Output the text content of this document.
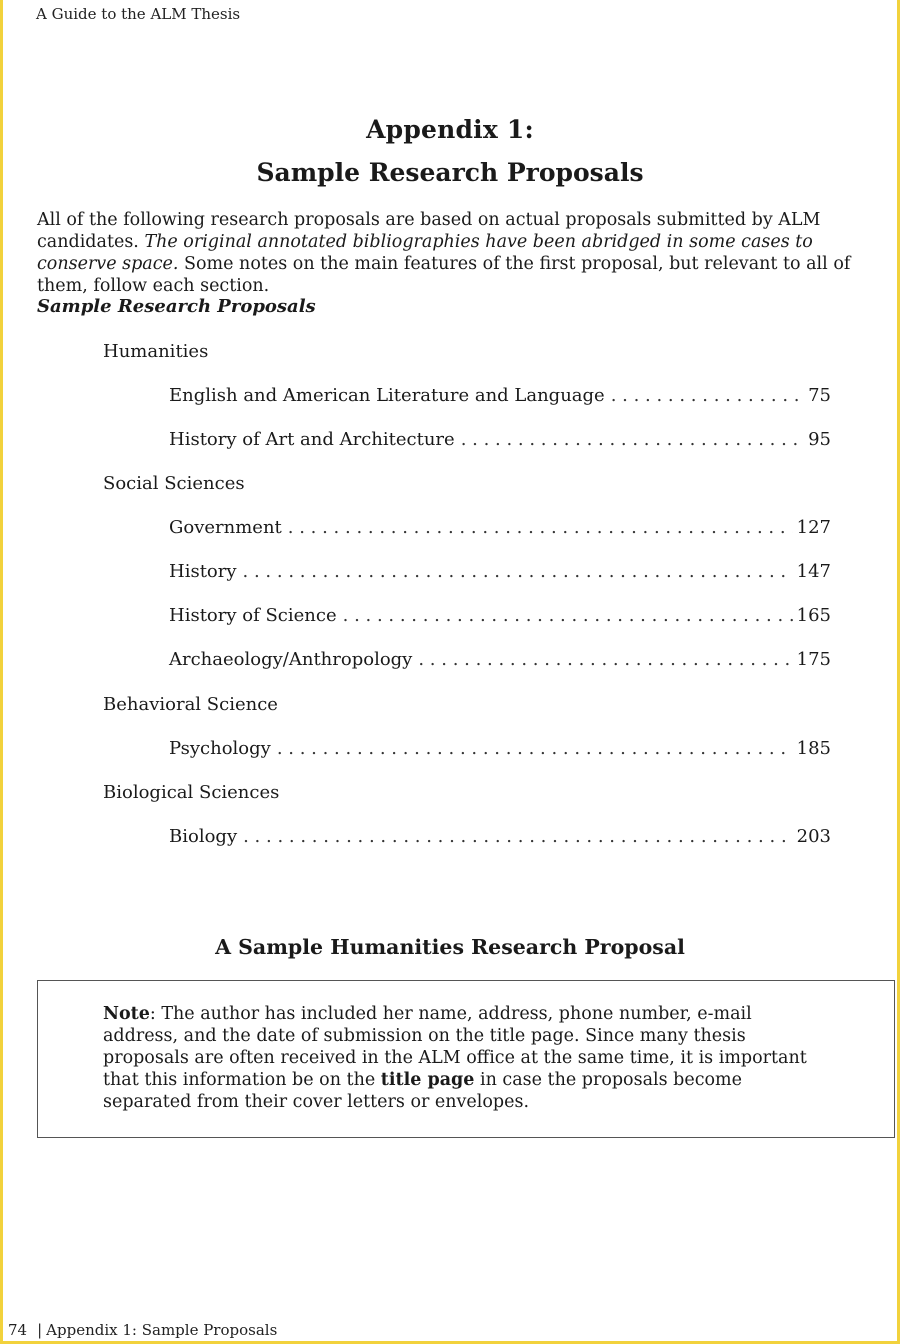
A Guide to the ALM Thesis
Appendix 1:
Sample Research Proposals

All of the following research proposals are based on actual proposals submitted by ALM candidates. The original annotated bibliographies have been abridged in some cases to conserve space. Some notes on the main features of the first proposal, but relevant to all of them, follow each section.

Sample Research Proposals
Humanities
English and American Literature and Language . . .	75
History of Art and Architecture . . .	95
Social Sciences
Government . . .	127
History . . .	147
History of Science . . .	165
Archaeology/Anthropology . . .	175
Behavioral Science
Psychology . . .	185
Biological Sciences
Biology . . .	203
A Sample Humanities Research Proposal

Note: The author has included her name, address, phone number, e-mail address, and the date of submission on the title page. Since many thesis proposals are often received in the ALM office at the same time, it is important that this information be on the title page in case the proposals become separated from their cover letters or envelopes.

74 | Appendix 1: Sample Proposals
